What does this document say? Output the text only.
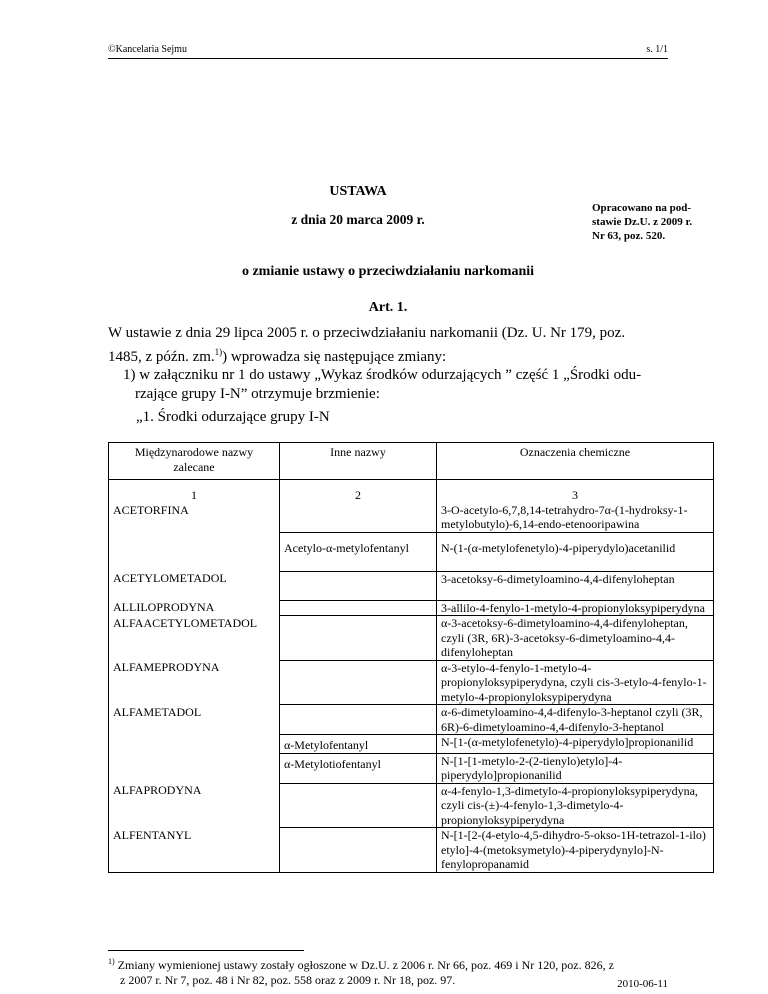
©Kancelaria Sejmu	s. 1/1
USTAWA
z dnia 20 marca 2009 r.
Opracowano na pod-
stawie Dz.U. z 2009 r.
Nr 63, poz. 520.
o zmianie ustawy o przeciwdziałaniu narkomanii
Art. 1.
W ustawie z dnia 29 lipca 2005 r. o przeciwdziałaniu narkomanii (Dz. U. Nr 179, poz.
1485, z późn. zm.$^{1)}$) wprowadza się następujące zmiany:
1) w załączniku nr 1 do ustawy „Wykaz środków odurzających ” część 1 „Środki odu-
rzające grupy I-N” otrzymuje brzmienie:
„1. Środki odurzające grupy I-N
Międzynarodowe nazwy zalecane	Inne nazwy	Oznaczenia chemiczne
1	2	3
ACETORFINA		3-O-acetylo-6,7,8,14-tetrahydro-7α-(1-hydroksy-1-metylobutylo)-6,14-endo-etenooripawina
	Acetylo-α-metylofentanyl	N-(1-(α-metylofenetylo)-4-piperydylo)acetanilid
ACETYLOMETADOL		3-acetoksy-6-dimetyloamino-4,4-difenyloheptan
ALLILOPRODYNA		3-allilo-4-fenylo-1-metylo-4-propionyloksypiperydyna
ALFAACETYLOMETADOL		α-3-acetoksy-6-dimetyloamino-4,4-difenyloheptan, czyli (3R, 6R)-3-acetoksy-6-dimetyloamino-4,4-difenyloheptan
ALFAMEPRODYNA		α-3-etylo-4-fenylo-1-metylo-4-propionyloksypiperydyna, czyli cis-3-etylo-4-fenylo-1-metylo-4-propionyloksypiperydyna
ALFAMETADOL		α-6-dimetyloamino-4,4-difenylo-3-heptanol czyli (3R, 6R)-6-dimetyloamino-4,4-difenylo-3-heptanol
	α-Metylofentanyl	N-[1-(α-metylofenetylo)-4-piperydylo]propionanilid
	α-Metylotiofentanyl	N-[1-[1-metylo-2-(2-tienylo)etylo]-4-piperydylo]propionanilid
ALFAPRODYNA		α-4-fenylo-1,3-dimetylo-4-propionyloksypiperydyna, czyli cis-(±)-4-fenylo-1,3-dimetylo-4-propionyloksypiperydyna
ALFENTANYL		N-[1-[2-(4-etylo-4,5-dihydro-5-okso-1H-tetrazol-1-ilo) etylo]-4-(metoksymetylo)-4-piperydynylo]-N-fenylopropanamid
$^{1)}$ Zmiany wymienionej ustawy zostały ogłoszone w Dz.U. z 2006 r. Nr 66, poz. 469 i Nr 120, poz. 826, z
z 2007 r. Nr 7, poz. 48 i Nr 82, poz. 558 oraz z 2009 r. Nr 18, poz. 97.	2010-06-11
